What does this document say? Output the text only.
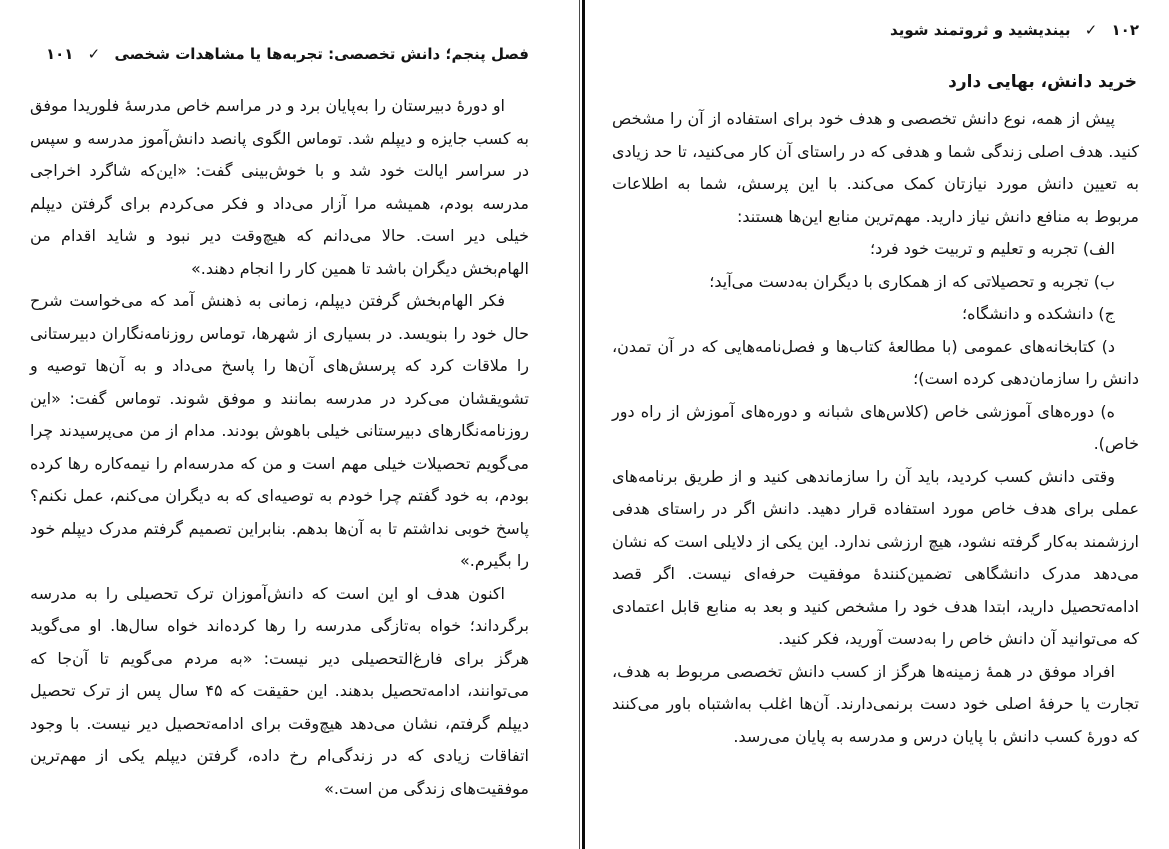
فصل پنجم؛ دانش تخصصی: تجربه‌ها یا مشاهدات شخصی ✓ ۱۰۱

او دورهٔ دبیرستان را به‌پایان برد و در مراسم خاص مدرسهٔ فلوریدا موفق به کسب جایزه و دیپلم شد. توماس الگوی پانصد دانش‌آموز مدرسه و سپس در سراسر ایالت خود شد و با خوش‌بینی گفت: «این‌که شاگرد اخراجی مدرسه بودم، همیشه مرا آزار می‌داد و فکر می‌کردم برای گرفتن دیپلم خیلی دیر است. حالا می‌دانم که هیچ‌وقت دیر نبود و شاید اقدام من الهام‌بخش دیگران باشد تا همین کار را انجام دهند.»

فکر الهام‌بخش گرفتن دیپلم، زمانی به ذهنش آمد که می‌خواست شرح حال خود را بنویسد. در بسیاری از شهرها، توماس روزنامه‌نگاران دبیرستانی را ملاقات کرد که پرسش‌های آن‌ها را پاسخ می‌داد و به آن‌ها توصیه و تشویقشان می‌کرد در مدرسه بمانند و موفق شوند. توماس گفت: «این روزنامه‌نگارهای دبیرستانی خیلی باهوش بودند. مدام از من می‌پرسیدند چرا می‌گویم تحصیلات خیلی مهم است و من که مدرسه‌ام را نیمه‌کاره رها کرده بودم، به خود گفتم چرا خودم به توصیه‌ای که به دیگران می‌کنم، عمل نکنم؟ پاسخ خوبی نداشتم تا به آن‌ها بدهم. بنابراین تصمیم گرفتم مدرک دیپلم خود را بگیرم.»

اکنون هدف او این است که دانش‌آموزان ترک تحصیلی را به مدرسه برگرداند؛ خواه به‌تازگی مدرسه را رها کرده‌اند خواه سال‌ها. او می‌گوید هرگز برای فارغ‌التحصیلی دیر نیست: «به مردم می‌گویم تا آن‌جا که می‌توانند، ادامه‌تحصیل بدهند. این حقیقت که ۴۵ سال پس از ترک تحصیل دیپلم گرفتم، نشان می‌دهد هیچ‌وقت برای ادامه‌تحصیل دیر نیست. با وجود اتفاقات زیادی که در زندگی‌ام رخ داده، گرفتن دیپلم یکی از مهم‌ترین موفقیت‌های زندگی من است.»

۱۰۲ ✓ بیندیشید و ثروتمند شوید
خرید دانش، بهایی دارد

پیش از همه، نوع دانش تخصصی و هدف خود برای استفاده از آن را مشخص کنید. هدف اصلی زندگی شما و هدفی که در راستای آن کار می‌کنید، تا حد زیادی به تعیین دانش مورد نیازتان کمک می‌کند. با این پرسش، شما به اطلاعات مربوط به منافع دانش نیاز دارید. مهم‌ترین منابع این‌ها هستند:

الف) تجربه و تعلیم و تربیت خود فرد؛

ب) تجربه و تحصیلاتی که از همکاری با دیگران به‌دست می‌آید؛

ج) دانشکده و دانشگاه؛

د) کتابخانه‌های عمومی (با مطالعهٔ کتاب‌ها و فصل‌نامه‌هایی که در آن تمدن، دانش را سازمان‌دهی کرده است)؛

ه) دوره‌های آموزشی خاص (کلاس‌های شبانه و دوره‌های آموزش از راه دور خاص).

وقتی دانش کسب کردید، باید آن را سازماندهی کنید و از طریق برنامه‌های عملی برای هدف خاص مورد استفاده قرار دهید. دانش اگر در راستای هدفی ارزشمند به‌کار گرفته نشود، هیچ ارزشی ندارد. این یکی از دلایلی است که نشان می‌دهد مدرک دانشگاهی تضمین‌کنندهٔ موفقیت حرفه‌ای نیست. اگر قصد ادامه‌تحصیل دارید، ابتدا هدف خود را مشخص کنید و بعد به منابع قابل اعتمادی که می‌توانید آن دانش خاص را به‌دست آورید، فکر کنید.

افراد موفق در همهٔ زمینه‌ها هرگز از کسب دانش تخصصی مربوط به هدف، تجارت یا حرفهٔ اصلی خود دست برنمی‌دارند. آن‌ها اغلب به‌اشتباه باور می‌کنند که دورهٔ کسب دانش با پایان درس و مدرسه به پایان می‌رسد.
